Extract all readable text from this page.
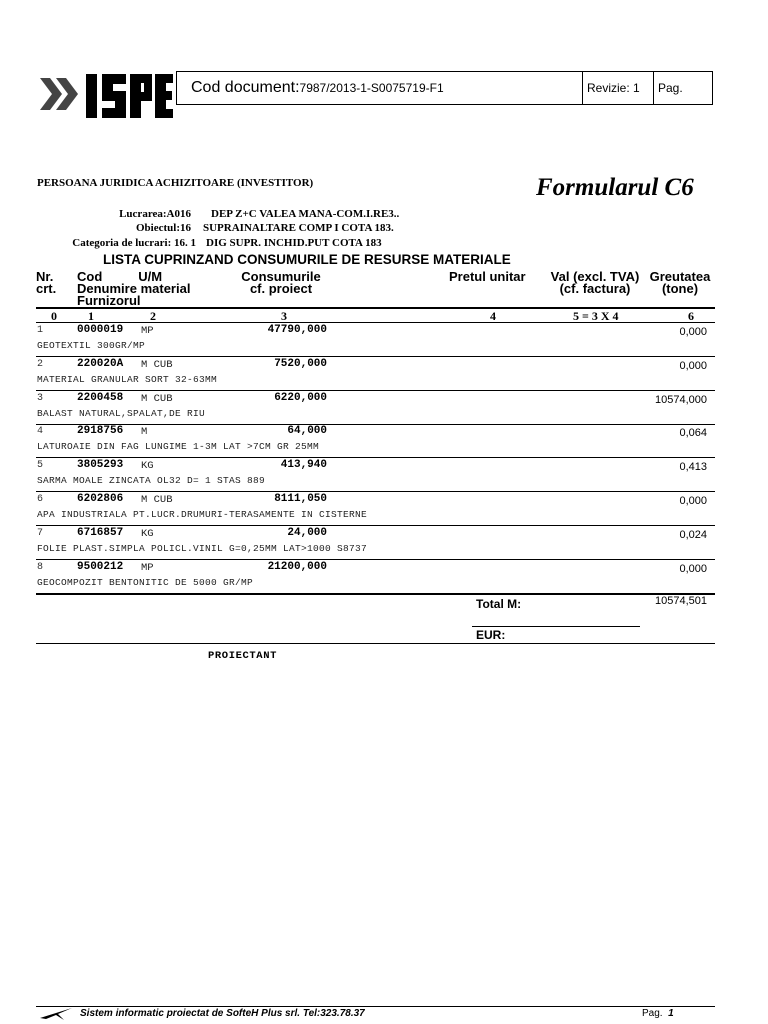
Cod document:7987/2013-1-S0075719-F1	Revizie: 1 Pag.
PERSOANA JURIDICA ACHIZITOARE (INVESTITOR)	Formularul C6
Lucrarea:A016 DEP Z+C VALEA MANA-COM.I.RE3..
Obiectul:16 SUPRAINALTARE COMP I COTA 183.
Categoria de lucrari: 16. 1 DIG SUPR. INCHID.PUT COTA 183
LISTA CUPRINZAND CONSUMURILE DE RESURSE MATERIALE
Nr.
crt.
Cod	U/M
Denumire material
Furnizorul
Consumurile
cf. proiect
Pretul unitar	Val (excl. TVA)
(cf. factura)
Greutatea
(tone)
0	1	2	3	4	5 = 3 X 4	6
1	0000019 MP	47790,000	0,000
GEOTEXTIL 300GR/MP
2	220020A M CUB	7520,000	0,000
MATERIAL GRANULAR SORT 32-63MM
3	2200458 M CUB	6220,000	10574,000
BALAST NATURAL,SPALAT,DE RIU
4	2918756 M	64,000	0,064
LATUROAIE DIN FAG LUNGIME 1-3M LAT >7CM GR 25MM
5	3805293 KG	413,940	0,413
SARMA MOALE ZINCATA OL32 D= 1 STAS 889
6	6202806 M CUB	8111,050	0,000
APA INDUSTRIALA PT.LUCR.DRUMURI-TERASAMENTE IN CISTERNE
7	6716857 KG	24,000	0,024
FOLIE PLAST.SIMPLA POLICL.VINIL G=0,25MM LAT>1000 S8737
8	9500212 MP	21200,000	0,000
GEOCOMPOZIT BENTONITIC DE 5000 GR/MP
Total M:	10574,501
EUR:
PROIECTANT
Sistem informatic proiectat de SofteH Plus srl. Tel:323.78.37	Pag. 1
